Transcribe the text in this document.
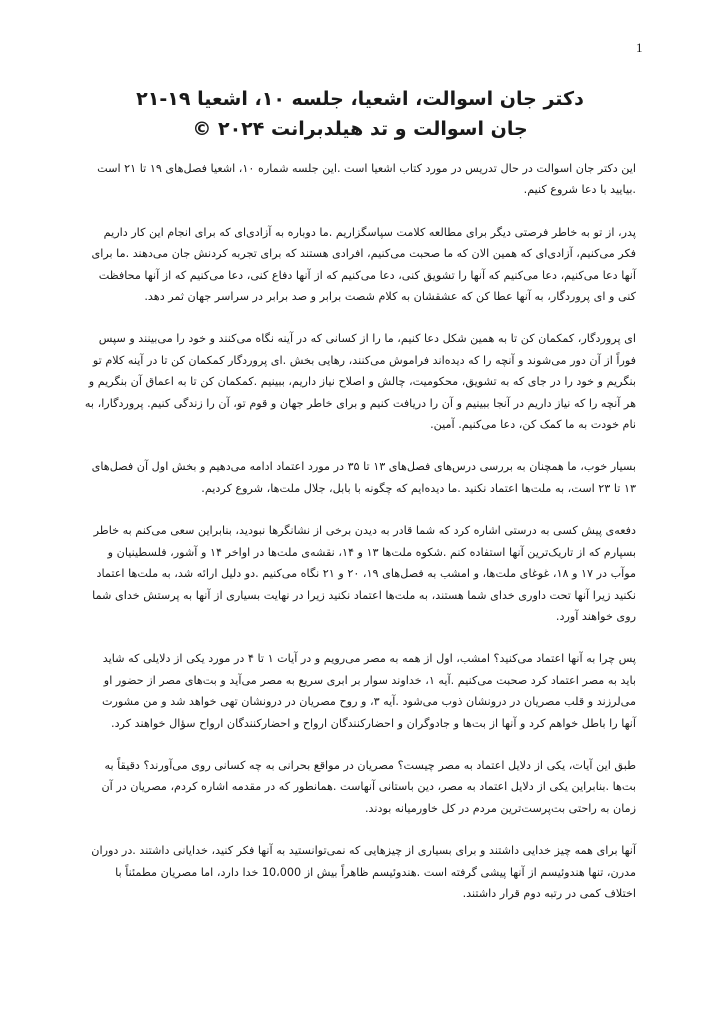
1

دکتر جان اسوالت، اشعیا، جلسه ۱۰، اشعیا ۱۹-۲۱

جان اسوالت و تد هیلدبرانت ۲۰۲۴ ©

این دکتر جان اسوالت در حال تدریس در مورد کتاب اشعیا است .این جلسه شماره ۱۰، اشعیا فصل‌های ۱۹ تا ۲۱ است .بیایید با دعا شروع کنیم.

پدر، از تو به خاطر فرصتی دیگر برای مطالعه کلامت سپاسگزاریم .ما دوباره به آزادی‌ای که برای انجام این کار داریم فکر می‌کنیم، آزادی‌ای که همین الان که ما صحبت می‌کنیم، افرادی هستند که برای تجربه کردنش جان می‌دهند .ما برای آنها دعا می‌کنیم، دعا می‌کنیم که آنها را تشویق کنی، دعا می‌کنیم که از آنها دفاع کنی، دعا می‌کنیم که از آنها محافظت کنی و ای پروردگار، به آنها عطا کن که عشقشان به کلام شصت برابر و صد برابر در سراسر جهان ثمر دهد.

ای پروردگار، کمکمان کن تا به همین شکل دعا کنیم، ما را از کسانی که در آینه نگاه می‌کنند و خود را می‌بینند و سپس فوراً از آن دور می‌شوند و آنچه را که دیده‌اند فراموش می‌کنند، رهایی بخش .ای پروردگار کمکمان کن تا در آینه کلام تو بنگریم و خود را در جای که به تشویق، محکومیت، چالش و اصلاح نیاز داریم، ببینیم .کمکمان کن تا به اعماق آن بنگریم و هر آنچه را که نیاز داریم در آنجا ببینیم و آن را دریافت کنیم و برای خاطر جهان و قوم تو، آن را زندگی کنیم. پروردگارا، به نام خودت به ما کمک کن، دعا می‌کنیم. آمین.

بسیار خوب، ما همچنان به بررسی درس‌های فصل‌های ۱۳ تا ۳۵ در مورد اعتماد ادامه می‌دهیم و بخش اول آن فصل‌های ۱۳ تا ۲۳ است، به ملت‌ها اعتماد نکنید .ما دیده‌ایم که چگونه با بابل، جلال ملت‌ها، شروع کردیم.

دفعه‌ی پیش کسی به درستی اشاره کرد که شما قادر به دیدن برخی از نشانگرها نبودید، بنابراین سعی می‌کنم به خاطر بسپارم که از تاریک‌ترین آنها استفاده کنم .شکوه ملت‌ها ۱۳ و ۱۴، نقشه‌ی ملت‌ها در اواخر ۱۴ و آشور، فلسطینیان و موآب در ۱۷ و ۱۸، غوغای ملت‌ها، و امشب به فصل‌های ۱۹، ۲۰ و ۲۱ نگاه می‌کنیم .دو دلیل ارائه شد، به ملت‌ها اعتماد نکنید زیرا آنها تحت داوری خدای شما هستند، به ملت‌ها اعتماد نکنید زیرا در نهایت بسیاری از آنها به پرستش خدای شما روی خواهند آورد.

پس چرا به آنها اعتماد می‌کنید؟ امشب، اول از همه به مصر می‌رویم و در آیات ۱ تا ۴ در مورد یکی از دلایلی که شاید باید به مصر اعتماد کرد صحبت می‌کنیم .آیه ۱، خداوند سوار بر ابری سریع به مصر می‌آید و بت‌های مصر از حضور او می‌لرزند و قلب مصریان در درونشان ذوب می‌شود .آیه ۳، و روح مصریان در درونشان تهی خواهد شد و من مشورت آنها را باطل خواهم کرد و آنها از بت‌ها و جادوگران و احضارکنندگان ارواح و احضارکنندگان ارواح سؤال خواهند کرد.

طبق این آیات، یکی از دلایل اعتماد به مصر چیست؟ مصریان در مواقع بحرانی به چه کسانی روی می‌آورند؟ دقیقاً به بت‌ها .بنابراین یکی از دلایل اعتماد به مصر، دین باستانی آنهاست .همانطور که در مقدمه اشاره کردم، مصریان در آن زمان به راحتی بت‌پرست‌ترین مردم در کل خاورمیانه بودند.

آنها برای همه چیز خدایی داشتند و برای بسیاری از چیزهایی که نمی‌توانستید به آنها فکر کنید، خدایانی داشتند .در دوران مدرن، تنها هندوئیسم از آنها پیشی گرفته است .هندوئیسم ظاهراً بیش از 10،000 خدا دارد، اما مصریان مطمئناً با اختلاف کمی در رتبه دوم قرار داشتند.
